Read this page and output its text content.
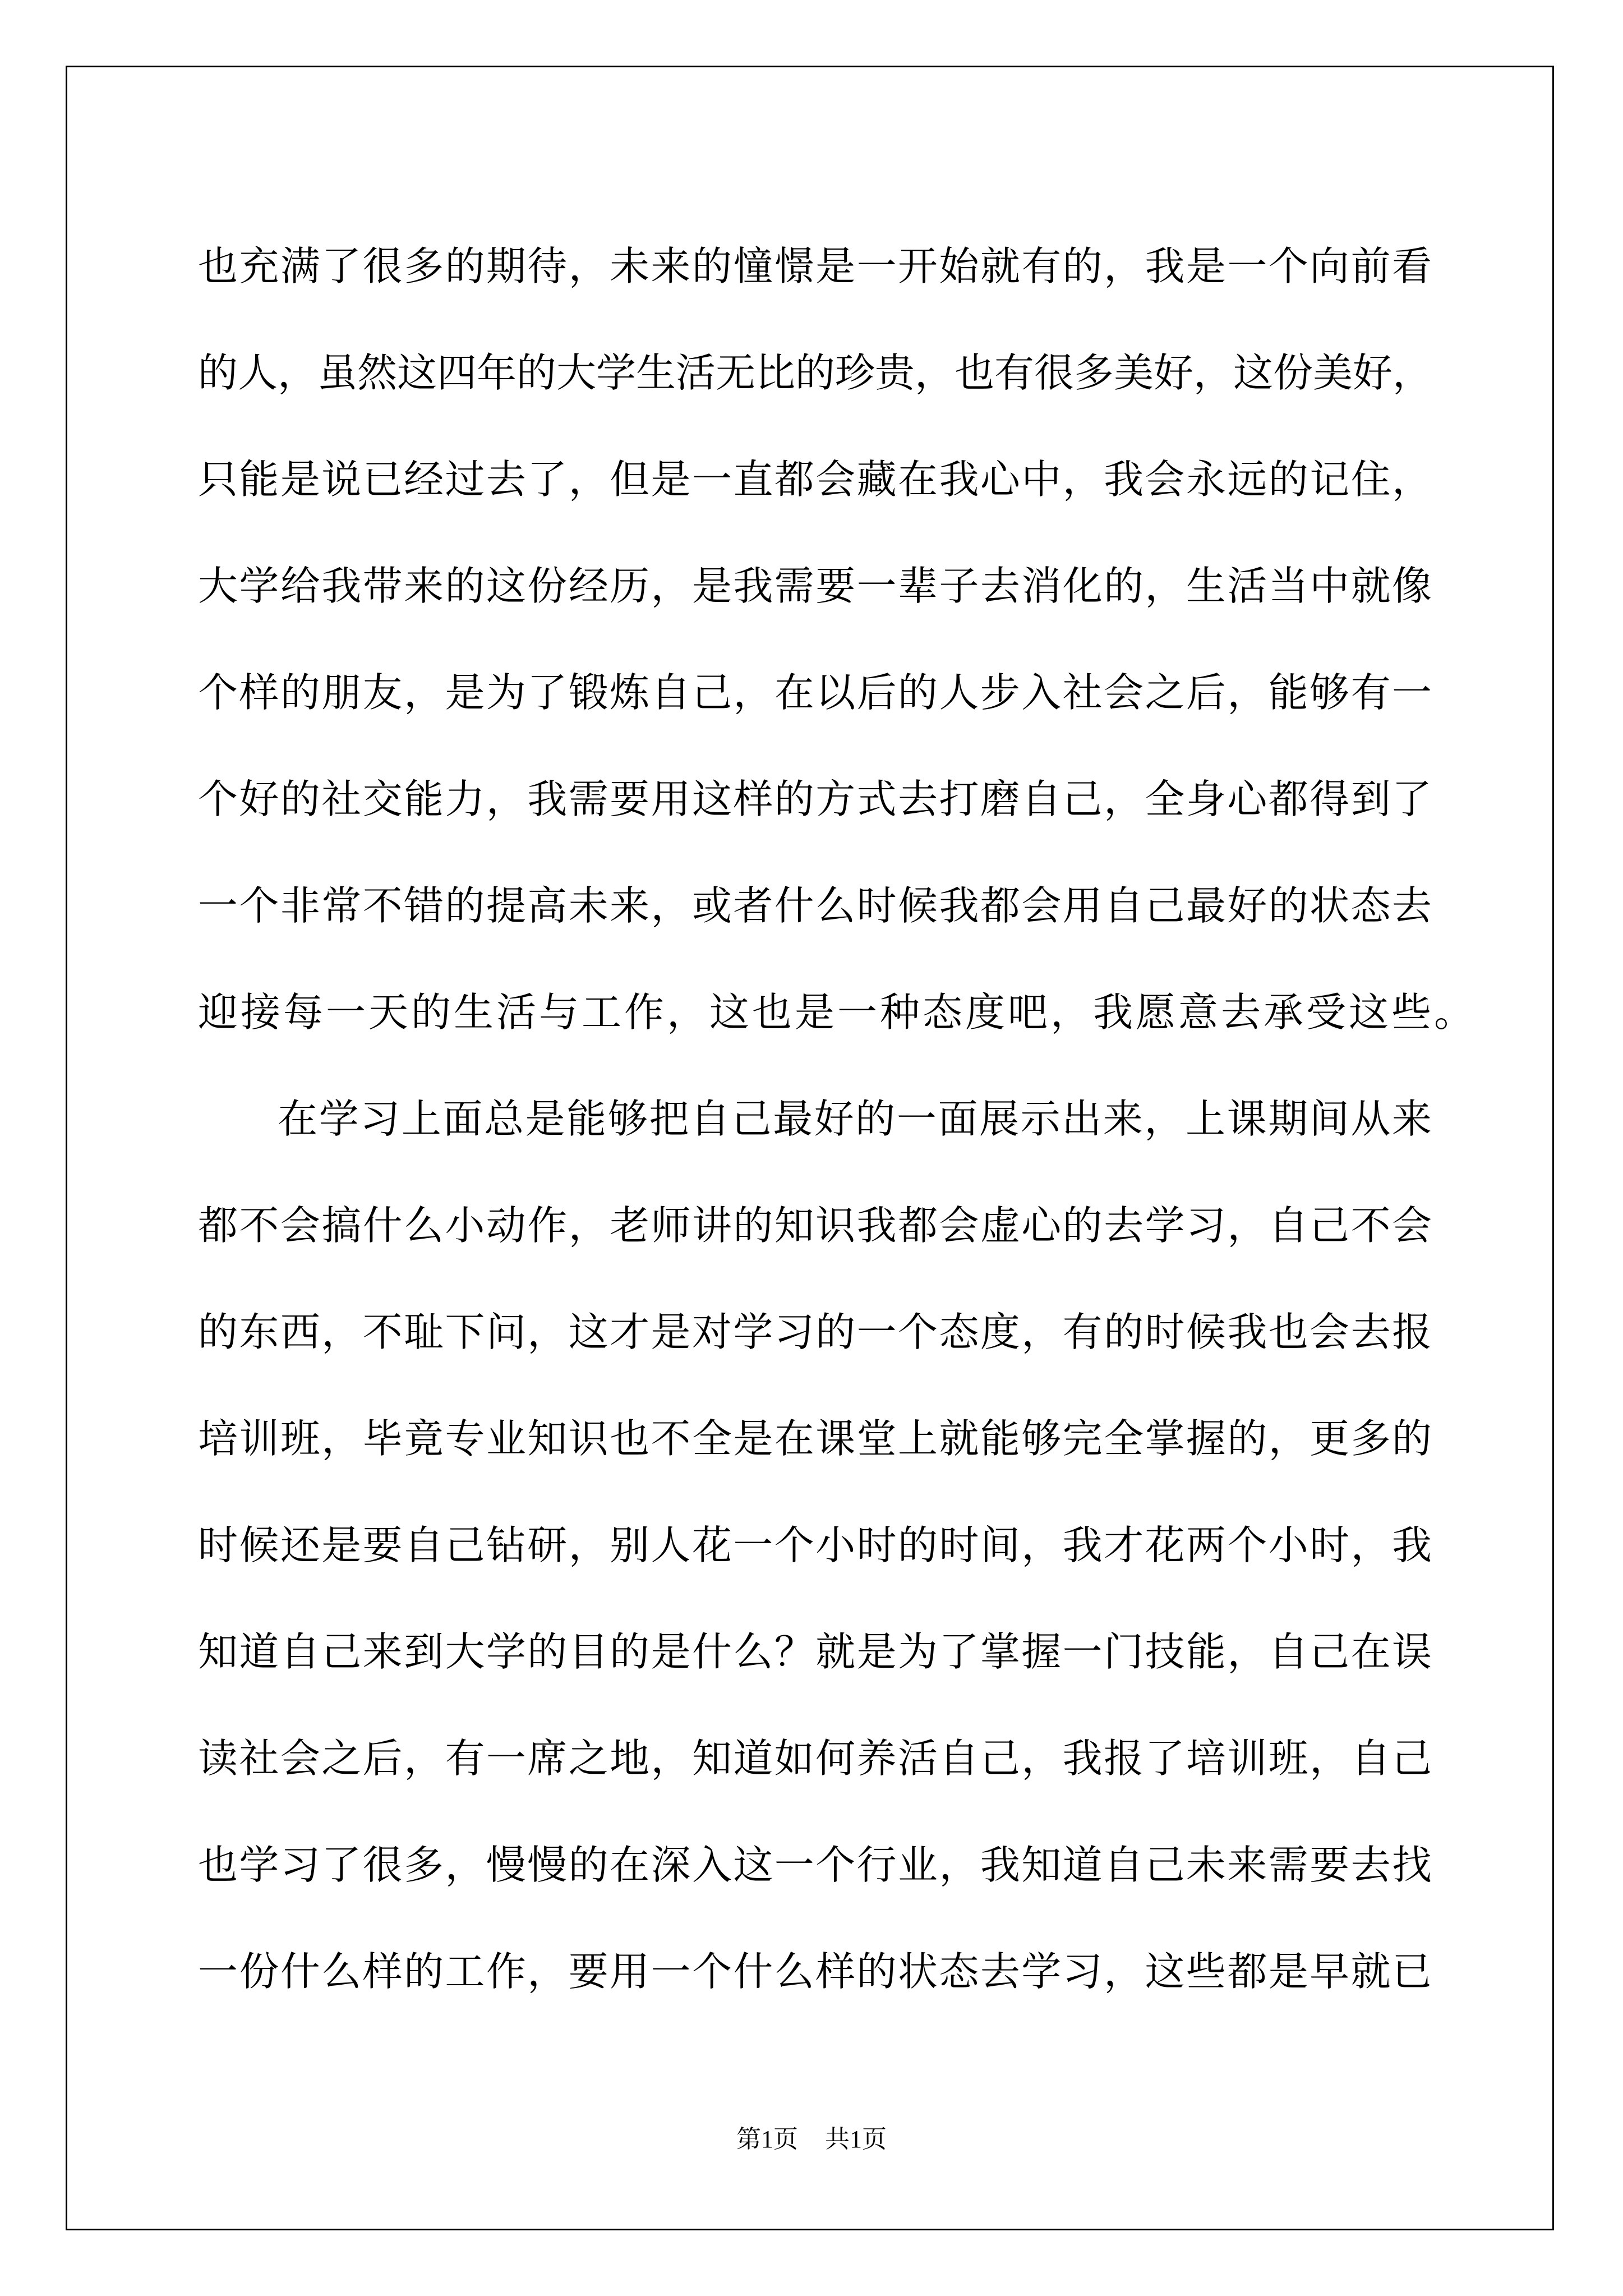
也充满了很多的期待，未来的憧憬是一开始就有的，我是一个向前看
的人，虽然这四年的大学生活无比的珍贵，也有很多美好，这份美好，
只能是说已经过去了，但是一直都会藏在我心中，我会永远的记住，
大学给我带来的这份经历，是我需要一辈子去消化的，生活当中就像
个样的朋友，是为了锻炼自己，在以后的人步入社会之后，能够有一
个好的社交能力，我需要用这样的方式去打磨自己，全身心都得到了
一个非常不错的提高未来，或者什么时候我都会用自己最好的状态去
迎接每一天的生活与工作，这也是一种态度吧，我愿意去承受这些。
在学习上面总是能够把自己最好的一面展示出来，上课期间从来
都不会搞什么小动作，老师讲的知识我都会虚心的去学习，自己不会
的东西，不耻下问，这才是对学习的一个态度，有的时候我也会去报
培训班，毕竟专业知识也不全是在课堂上就能够完全掌握的，更多的
时候还是要自己钻研，别人花一个小时的时间，我才花两个小时，我
知道自己来到大学的目的是什么？就是为了掌握一门技能，自己在误
读社会之后，有一席之地，知道如何养活自己，我报了培训班，自己
也学习了很多，慢慢的在深入这一个行业，我知道自己未来需要去找
一份什么样的工作，要用一个什么样的状态去学习，这些都是早就已
第1页 共1页
